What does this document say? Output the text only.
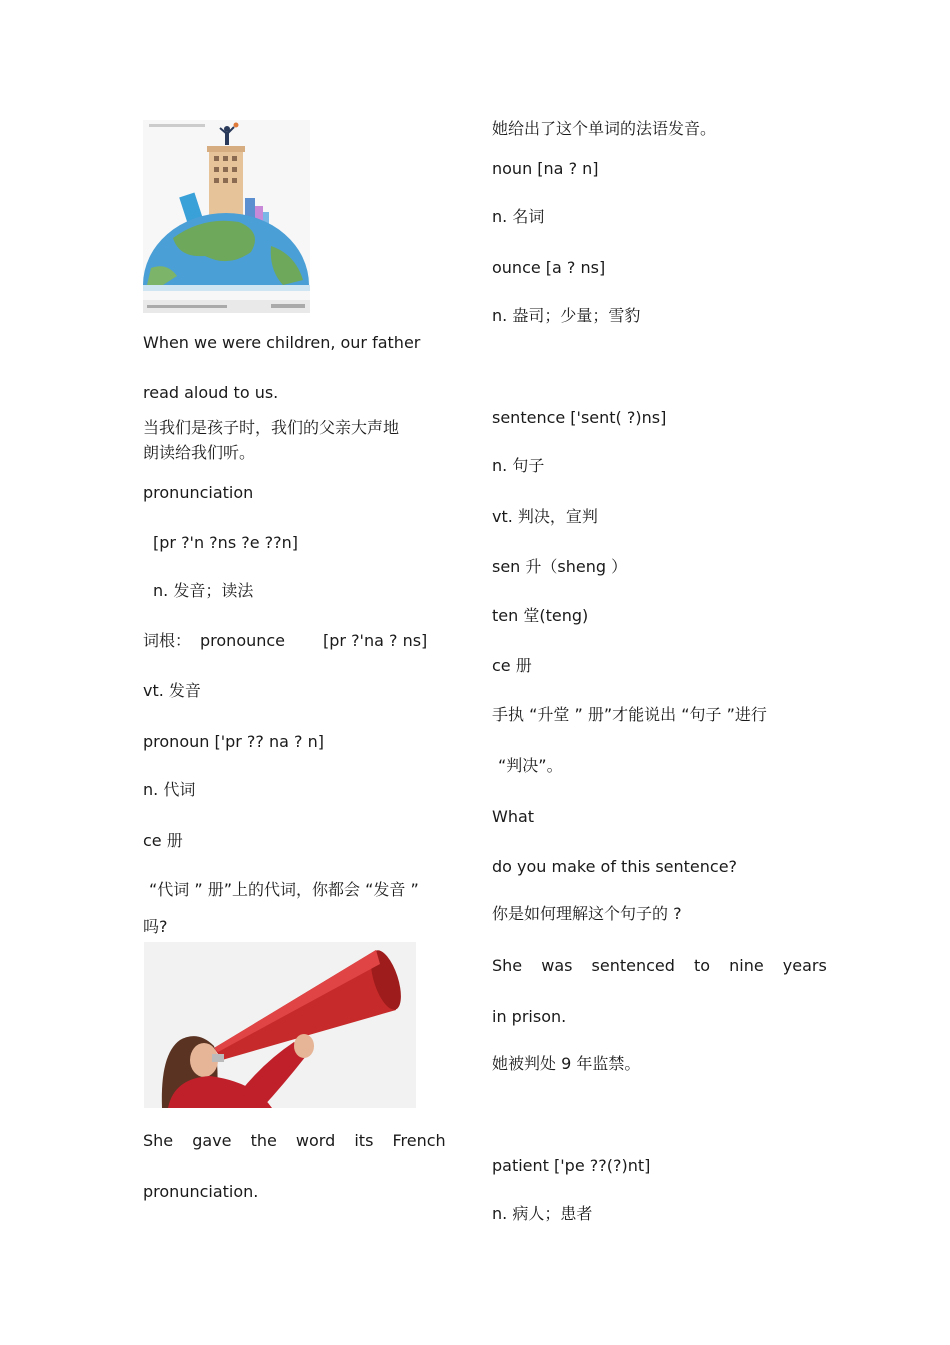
When we were children, our father
read aloud to us.
当我们是孩子时，我们的父亲大声地
朗读给我们听。
pronunciation
[pr ?'n ?ns ?e ??n]
n. 发音；读法
词根： pronounce [pr ?'na ? ns]
vt. 发音
pronoun ['pr ?? na ? n]
n. 代词
ce 册
“代词 ” 册”上的代词，你都会 “发音 ”
吗?
She gave the word its French
pronunciation.
她给出了这个单词的法语发音。
noun [na ? n]
n. 名词
ounce [a ? ns]
n. 盎司；少量；雪豹
sentence ['sent( ?)ns]
n. 句子
vt. 判决，宣判
sen 升（sheng ）
ten 堂(teng)
ce 册
手执 “升堂 ” 册”才能说出 “句子 ”进行
“判决”。
What
do you make of this sentence?
你是如何理解这个句子的 ?
She was sentenced to nine years
in prison.
她被判处 9 年监禁。
patient ['pe ??(?)nt]
n. 病人；患者
